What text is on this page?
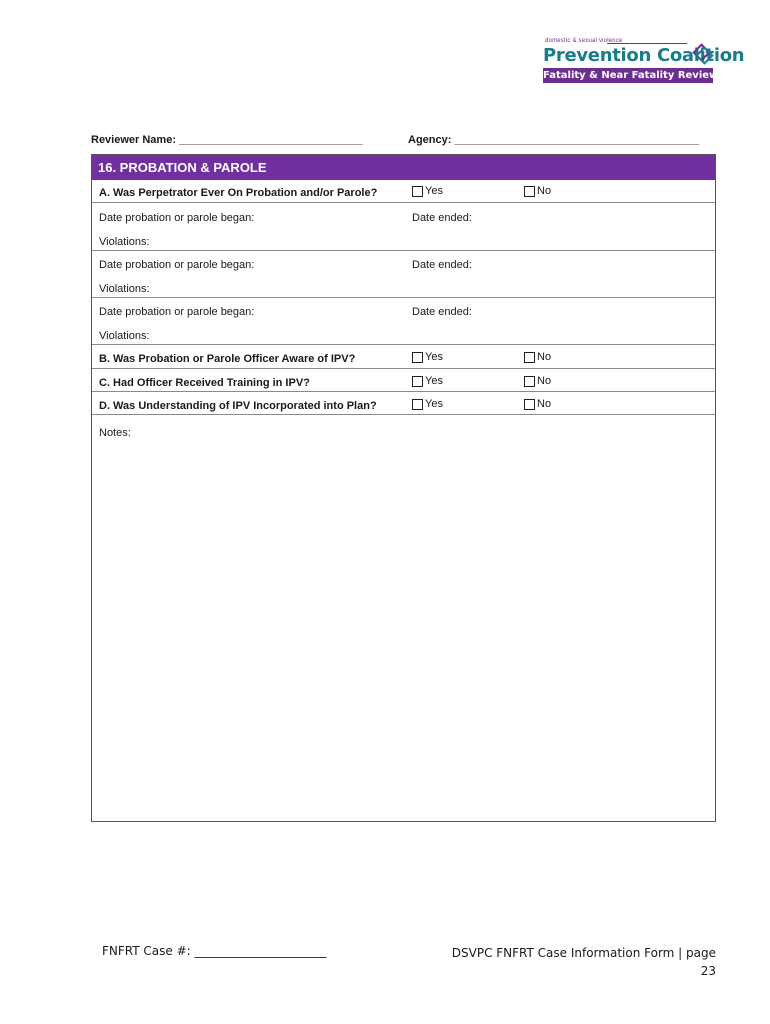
domestic & sexual violence
Prevention Coalition
Fatality & Near Fatality Review
Reviewer Name: ______________________________	Agency: ________________________________________
16. PROBATION & PAROLE
A. Was Perpetrator Ever On Probation and/or Parole?	Yes	No
Date probation or parole began:	Date ended:
Violations:
Date probation or parole began:	Date ended:
Violations:
Date probation or parole began:	Date ended:
Violations:
B. Was Probation or Parole Officer Aware of IPV?	Yes	No
C. Had Officer Received Training in IPV?	Yes	No
D. Was Understanding of IPV Incorporated into Plan?	Yes	No
Notes:
FNFRT Case #: ______________________	DSVPC FNFRT Case Information Form | page
23
